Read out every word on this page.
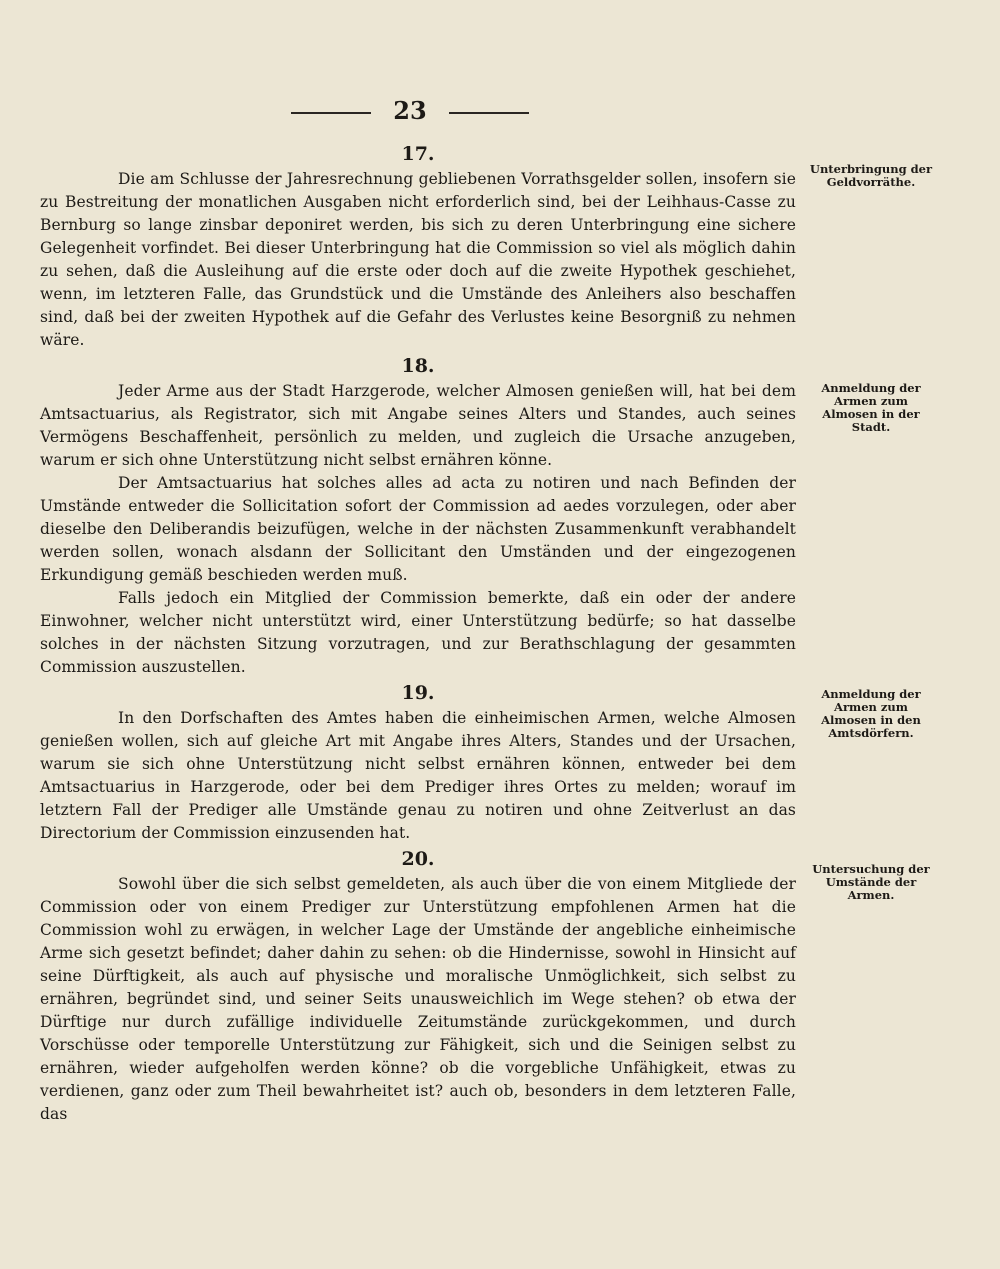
23
Unterbringung der Geldvorräthe.
Anmeldung der Armen zum Almosen in der Stadt.
Anmeldung der Armen zum Almosen in den Amtsdörfern.
Untersuchung der Umstände der Armen.
17.

Die am Schlusse der Jahresrechnung gebliebenen Vorrathsgelder sollen, insofern sie zu Bestreitung der monatlichen Ausgaben nicht erforderlich sind, bei der Leihhaus-Casse zu Bernburg so lange zinsbar deponiret werden, bis sich zu deren Unterbringung eine sichere Gelegenheit vorfindet. Bei dieser Unterbringung hat die Commission so viel als möglich dahin zu sehen, daß die Ausleihung auf die erste oder doch auf die zweite Hypothek geschiehet, wenn, im letzteren Falle, das Grundstück und die Umstände des Anleihers also beschaffen sind, daß bei der zweiten Hypothek auf die Gefahr des Verlustes keine Besorgniß zu nehmen wäre.

18.

Jeder Arme aus der Stadt Harzgerode, welcher Almosen genießen will, hat bei dem Amtsactuarius, als Registrator, sich mit Angabe seines Alters und Standes, auch seines Vermögens Beschaffenheit, persönlich zu melden, und zugleich die Ursache anzugeben, warum er sich ohne Unterstützung nicht selbst ernähren könne.

Der Amtsactuarius hat solches alles ad acta zu notiren und nach Befinden der Umstände entweder die Sollicitation sofort der Commission ad aedes vorzulegen, oder aber dieselbe den Deliberandis beizufügen, welche in der nächsten Zusammenkunft verabhandelt werden sollen, wonach alsdann der Sollicitant den Umständen und der eingezogenen Erkundigung gemäß beschieden werden muß.

Falls jedoch ein Mitglied der Commission bemerkte, daß ein oder der andere Einwohner, welcher nicht unterstützt wird, einer Unterstützung bedürfe; so hat dasselbe solches in der nächsten Sitzung vorzutragen, und zur Berathschlagung der gesammten Commission auszustellen.

19.

In den Dorfschaften des Amtes haben die einheimischen Armen, welche Almosen genießen wollen, sich auf gleiche Art mit Angabe ihres Alters, Standes und der Ursachen, warum sie sich ohne Unterstützung nicht selbst ernähren können, entweder bei dem Amtsactuarius in Harzgerode, oder bei dem Prediger ihres Ortes zu melden; worauf im letztern Fall der Prediger alle Umstände genau zu notiren und ohne Zeitverlust an das Directorium der Commission einzusenden hat.

20.

Sowohl über die sich selbst gemeldeten, als auch über die von einem Mitgliede der Commission oder von einem Prediger zur Unterstützung empfohlenen Armen hat die Commission wohl zu erwägen, in welcher Lage der Umstände der angebliche einheimische Arme sich gesetzt befindet; daher dahin zu sehen: ob die Hindernisse, sowohl in Hinsicht auf seine Dürftigkeit, als auch auf physische und moralische Unmöglichkeit, sich selbst zu ernähren, begründet sind, und seiner Seits unausweichlich im Wege stehen? ob etwa der Dürftige nur durch zufällige individuelle Zeitumstände zurückgekommen, und durch Vorschüsse oder temporelle Unterstützung zur Fähigkeit, sich und die Seinigen selbst zu ernähren, wieder aufgeholfen werden könne? ob die vorgebliche Unfähigkeit, etwas zu verdienen, ganz oder zum Theil bewahrheitet ist? auch ob, besonders in dem letzteren Falle, das
